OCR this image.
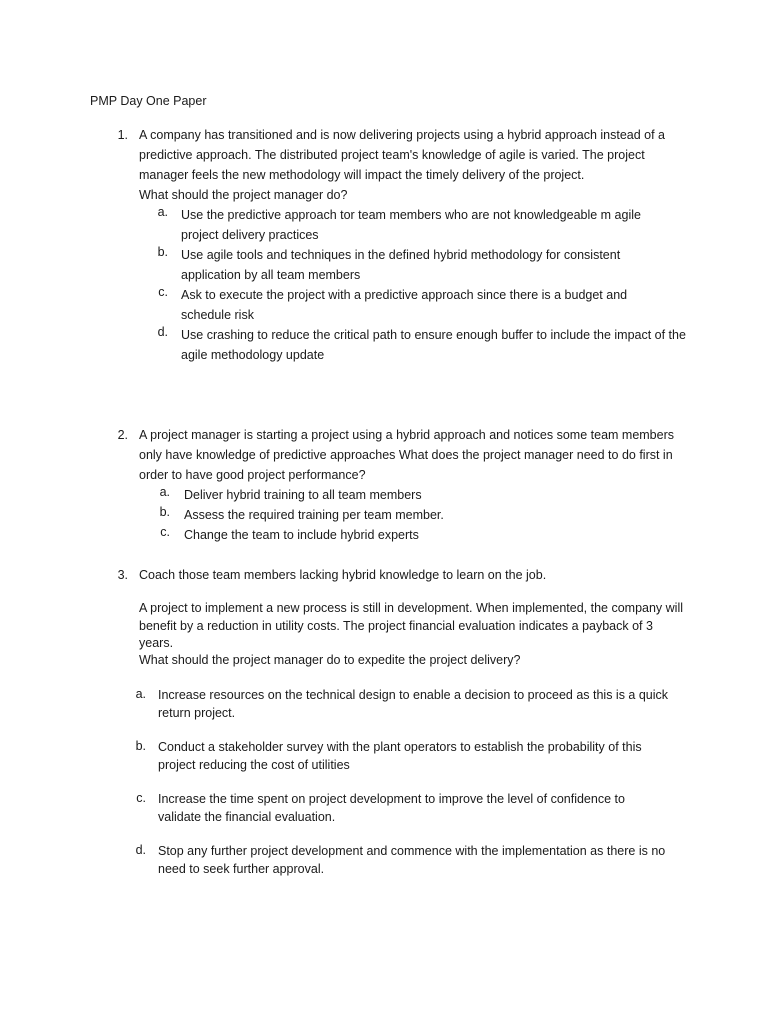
PMP Day One Paper
1. A company has transitioned and is now delivering projects using a hybrid approach instead of a predictive approach. The distributed project team's knowledge of agile is varied. The project manager feels the new methodology will impact the timely delivery of the project.
What should the project manager do?
a. Use the predictive approach tor team members who are not knowledgeable m agile project delivery practices
b. Use agile tools and techniques in the defined hybrid methodology for consistent application by all team members
c. Ask to execute the project with a predictive approach since there is a budget and schedule risk
d. Use crashing to reduce the critical path to ensure enough buffer to include the impact of the agile methodology update
2. A project manager is starting a project using a hybrid approach and notices some team members only have knowledge of predictive approaches What does the project manager need to do first in order to have good project performance?
a. Deliver hybrid training to all team members
b. Assess the required training per team member.
c. Change the team to include hybrid experts
3. Coach those team members lacking hybrid knowledge to learn on the job.
A project to implement a new process is still in development. When implemented, the company will benefit by a reduction in utility costs. The project financial evaluation indicates a payback of 3 years.
What should the project manager do to expedite the project delivery?
a. Increase resources on the technical design to enable a decision to proceed as this is a quick return project.
b. Conduct a stakeholder survey with the plant operators to establish the probability of this project reducing the cost of utilities
c. Increase the time spent on project development to improve the level of confidence to validate the financial evaluation.
d. Stop any further project development and commence with the implementation as there is no need to seek further approval.
